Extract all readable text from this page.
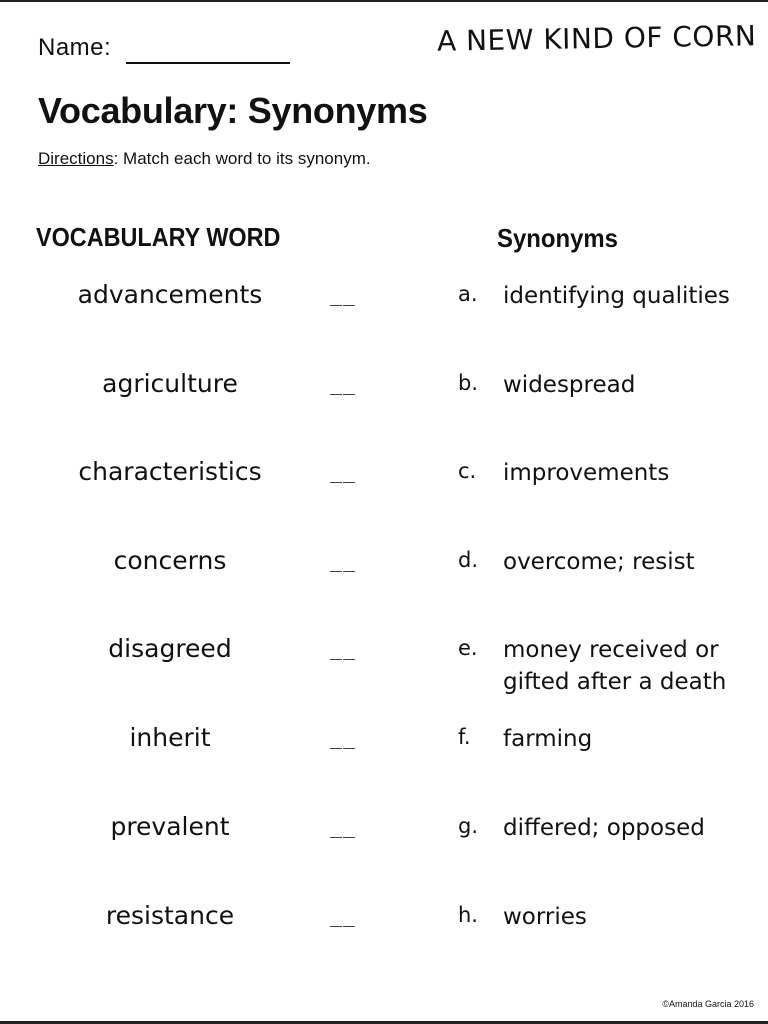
Name:	A NEW KIND OF CORN
Vocabulary: Synonyms
Directions: Match each word to its synonym.
VOCABULARY WORD	Synonyms
advancements	__	a. identifying qualities
agriculture	__	b. widespread
characteristics	__	c. improvements
concerns	__	d. overcome; resist
disagreed	__	e. money received or gifted after a death
inherit	__	f. farming
prevalent	__	g. differed; opposed
resistance	__	h. worries
©Amanda Garcia 2016
